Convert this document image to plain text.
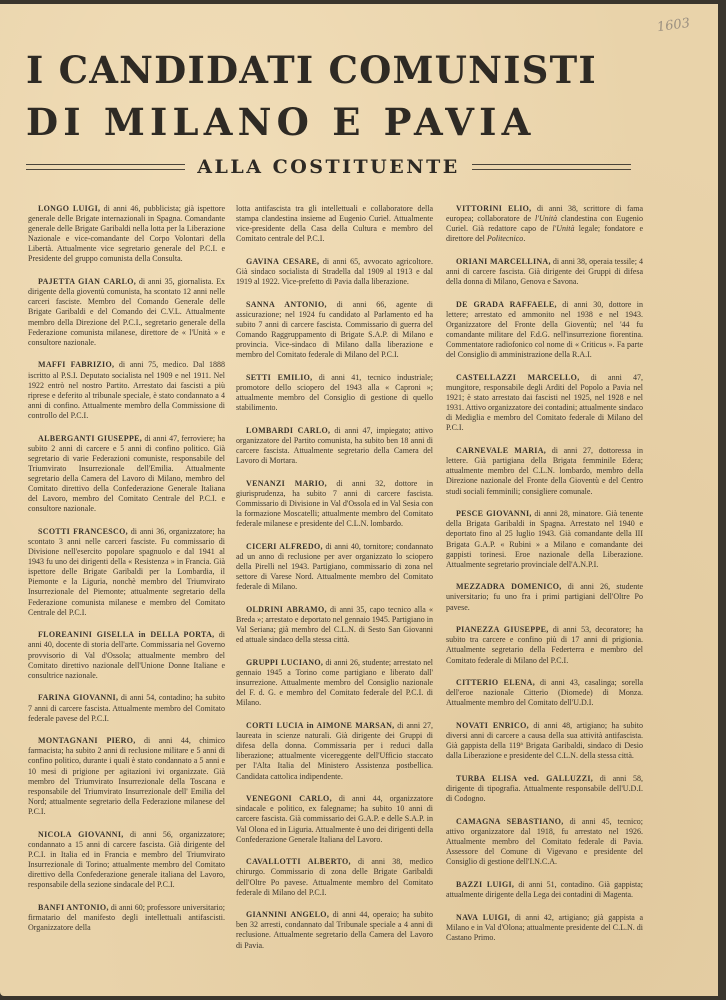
1603
I CANDIDATI COMUNISTI
DI MILANO E PAVIA
ALLA COSTITUENTE

LONGO LUIGI, di anni 46, pubblicista; già ispettore generale delle Brigate internazionali in Spagna. Comandante generale delle Brigate Garibaldi nella lotta per la Liberazione Nazionale e vice-comandante del Corpo Volontari della Libertà. Attualmente vice segretario generale del P.C.I. e Presidente del gruppo comunista della Consulta.

PAJETTA GIAN CARLO, di anni 35, giornalista. Ex dirigente della gioventù comunista, ha scontato 12 anni nelle carceri fasciste. Membro del Comando Generale delle Brigate Garibaldi e del Comando dei C.V.L. Attualmente membro della Direzione del P.C.I., segretario generale della Federazione comunista milanese, direttore de « l'Unità » e consultore nazionale.

MAFFI FABRIZIO, di anni 75, medico. Dal 1888 iscritto al P.S.I. Deputato socialista nel 1909 e nel 1911. Nel 1922 entrò nel nostro Partito. Arrestato dai fascisti a più riprese e deferito al tribunale speciale, è stato condannato a 4 anni di confino. Attualmente membro della Commissione di controllo del P.C.I.

ALBERGANTI GIUSEPPE, di anni 47, ferroviere; ha subito 2 anni di carcere e 5 anni di confino politico. Già segretario di varie Federazioni comuniste, responsabile del Triumvirato Insurrezionale dell'Emilia. Attualmente segretario della Camera del Lavoro di Milano, membro del Comitato direttivo della Confederazione Generale Italiana del Lavoro, membro del Comitato Centrale del P.C.I. e consultore nazionale.

SCOTTI FRANCESCO, di anni 36, organizzatore; ha scontato 3 anni nelle carceri fasciste. Fu commissario di Divisione nell'esercito popolare spagnuolo e dal 1941 al 1943 fu uno dei dirigenti della « Resistenza » in Francia. Già ispettore delle Brigate Garibaldi per la Lombardia, il Piemonte e la Liguria, nonchè membro del Triumvirato Insurrezionale del Piemonte; attualmente segretario della Federazione comunista milanese e membro del Comitato Centrale del P.C.I.

FLOREANINI GISELLA in DELLA PORTA, di anni 40, docente di storia dell'arte. Commissaria nel Governo provvisorio di Val d'Ossola; attualmente membro del Comitato direttivo nazionale dell'Unione Donne Italiane e consultrice nazionale.

FARINA GIOVANNI, di anni 54, contadino; ha subito 7 anni di carcere fascista. Attualmente membro del Comitato federale pavese del P.C.I.

MONTAGNANI PIERO, di anni 44, chimico farmacista; ha subito 2 anni di reclusione militare e 5 anni di confino politico, durante i quali è stato condannato a 5 anni e 10 mesi di prigione per agitazioni ivi organizzate. Già membro del Triumvirato Insurrezionale della Toscana e responsabile del Triumvirato Insurrezionale dell' Emilia del Nord; attualmente segretario della Federazione milanese del P.C.I.

NICOLA GIOVANNI, di anni 56, organizzatore; condannato a 15 anni di carcere fascista. Già dirigente del P.C.I. in Italia ed in Francia e membro del Triumvirato Insurrezionale di Torino; attualmente membro del Comitato direttivo della Confederazione generale italiana del Lavoro, responsabile della sezione sindacale del P.C.I.

BANFI ANTONIO, di anni 60; professore universitario; firmatario del manifesto degli intellettuali antifascisti. Organizzatore della

lotta antifascista tra gli intellettuali e collaboratore della stampa clandestina insieme ad Eugenio Curiel. Attualmente vice-presidente della Casa della Cultura e membro del Comitato centrale del P.C.I.

GAVINA CESARE, di anni 65, avvocato agricoltore. Già sindaco socialista di Stradella dal 1909 al 1913 e dal 1919 al 1922. Vice-prefetto di Pavia dalla liberazione.

SANNA ANTONIO, di anni 66, agente di assicurazione; nel 1924 fu candidato al Parlamento ed ha subito 7 anni di carcere fascista. Commissario di guerra del Comando Raggruppamento di Brigate S.A.P. di Milano e provincia. Vice-sindaco di Milano dalla liberazione e membro del Comitato federale di Milano del P.C.I.

SETTI EMILIO, di anni 41, tecnico industriale; promotore dello sciopero del 1943 alla « Caproni »; attualmente membro del Consiglio di gestione di quello stabilimento.

LOMBARDI CARLO, di anni 47, impiegato; attivo organizzatore del Partito comunista, ha subito ben 18 anni di carcere fascista. Attualmente segretario della Camera del Lavoro di Mortara.

VENANZI MARIO, di anni 32, dottore in giurisprudenza, ha subito 7 anni di carcere fascista. Commissario di Divisione in Val d'Ossola ed in Val Sesia con la formazione Moscatelli; attualmente membro del Comitato federale milanese e presidente del C.L.N. lombardo.

CICERI ALFREDO, di anni 40, tornitore; condannato ad un anno di reclusione per aver organizzato lo sciopero della Pirelli nel 1943. Partigiano, commissario di zona nel settore di Varese Nord. Attualmente membro del Comitato federale di Milano.

OLDRINI ABRAMO, di anni 35, capo tecnico alla « Breda »; arrestato e deportato nel gennaio 1945. Partigiano in Val Seriana; già membro del C.L.N. di Sesto San Giovanni ed attuale sindaco della stessa città.

GRUPPI LUCIANO, di anni 26, studente; arrestato nel gennaio 1945 a Torino come partigiano e liberato dall' insurrezione. Attualmente membro del Consiglio nazionale del F. d. G. e membro del Comitato federale del P.C.I. di Milano.

CORTI LUCIA in AIMONE MARSAN, di anni 27, laureata in scienze naturali. Già dirigente dei Gruppi di difesa della donna. Commissaria per i reduci dalla liberazione; attualmente vicereggente dell'Ufficio staccato per l'Alta Italia del Ministero Assistenza postbellica. Candidata cattolica indipendente.

VENEGONI CARLO, di anni 44, organizzatore sindacale e politico, ex falegname; ha subito 10 anni di carcere fascista. Già commissario dei G.A.P. e delle S.A.P. in Val Olona ed in Liguria. Attualmente è uno dei dirigenti della Confederazione Generale Italiana del Lavoro.

CAVALLOTTI ALBERTO, di anni 38, medico chirurgo. Commissario di zona delle Brigate Garibaldi dell'Oltre Po pavese. Attualmente membro del Comitato federale di Milano del P.C.I.

GIANNINI ANGELO, di anni 44, operaio; ha subito ben 32 arresti, condannato dal Tribunale speciale a 4 anni di reclusione. Attualmente segretario della Camera del Lavoro di Pavia.

VITTORINI ELIO, di anni 38, scrittore di fama europea; collaboratore de l'Unità clandestina con Eugenio Curiel. Già redattore capo de l'Unità legale; fondatore e direttore del Politecnico.

ORIANI MARCELLINA, di anni 38, operaia tessile; 4 anni di carcere fascista. Già dirigente dei Gruppi di difesa della donna di Milano, Genova e Savona.

DE GRADA RAFFAELE, di anni 30, dottore in lettere; arrestato ed ammonito nel 1938 e nel 1943. Organizzatore del Fronte della Gioventù; nel '44 fu comandante militare del F.d.G. nell'insurrezione fiorentina. Commentatore radiofonico col nome di « Criticus ». Fa parte del Consiglio di amministrazione della R.A.I.

CASTELLAZZI MARCELLO, di anni 47, mungitore, responsabile degli Arditi del Popolo a Pavia nel 1921; è stato arrestato dai fascisti nel 1925, nel 1928 e nel 1931. Attivo organizzatore dei contadini; attualmente sindaco di Mediglia e membro del Comitato federale di Milano del P.C.I.

CARNEVALE MARIA, di anni 27, dottoressa in lettere. Già partigiana della Brigata femminile Edera; attualmente membro del C.L.N. lombardo, membro della Direzione nazionale del Fronte della Gioventù e del Centro studi sociali femminili; consigliere comunale.

PESCE GIOVANNI, di anni 28, minatore. Già tenente della Brigata Garibaldi in Spagna. Arrestato nel 1940 e deportato fino al 25 luglio 1943. Già comandante della III Brigata G.A.P. « Rubini » a Milano e comandante dei gappisti torinesi. Eroe nazionale della Liberazione. Attualmente segretario provinciale dell'A.N.P.I.

MEZZADRA DOMENICO, di anni 26, studente universitario; fu uno fra i primi partigiani dell'Oltre Po pavese.

PIANEZZA GIUSEPPE, di anni 53, decoratore; ha subito tra carcere e confino più di 17 anni di prigionia. Attualmente segretario della Federterra e membro del Comitato federale di Milano del P.C.I.

CITTERIO ELENA, di anni 43, casalinga; sorella dell'eroe nazionale Citterio (Diomede) di Monza. Attualmente membro del Comitato dell'U.D.I.

NOVATI ENRICO, di anni 48, artigiano; ha subito diversi anni di carcere a causa della sua attività antifascista. Già gappista della 119ª Brigata Garibaldi, sindaco di Desio dalla Liberazione e presidente del C.L.N. della stessa città.

TURBA ELISA ved. GALLUZZI, di anni 58, dirigente di tipografia. Attualmente responsabile dell'U.D.I. di Codogno.

CAMAGNA SEBASTIANO, di anni 45, tecnico; attivo organizzatore dal 1918, fu arrestato nel 1926. Attualmente membro del Comitato federale di Pavia. Assessore del Comune di Vigevano e presidente del Consiglio di gestione dell'I.N.C.A.

BAZZI LUIGI, di anni 51, contadino. Già gappista; attualmente dirigente della Lega dei contadini di Magenta.

NAVA LUIGI, di anni 42, artigiano; già gappista a Milano e in Val d'Olona; attualmente presidente del C.L.N. di Castano Primo.
